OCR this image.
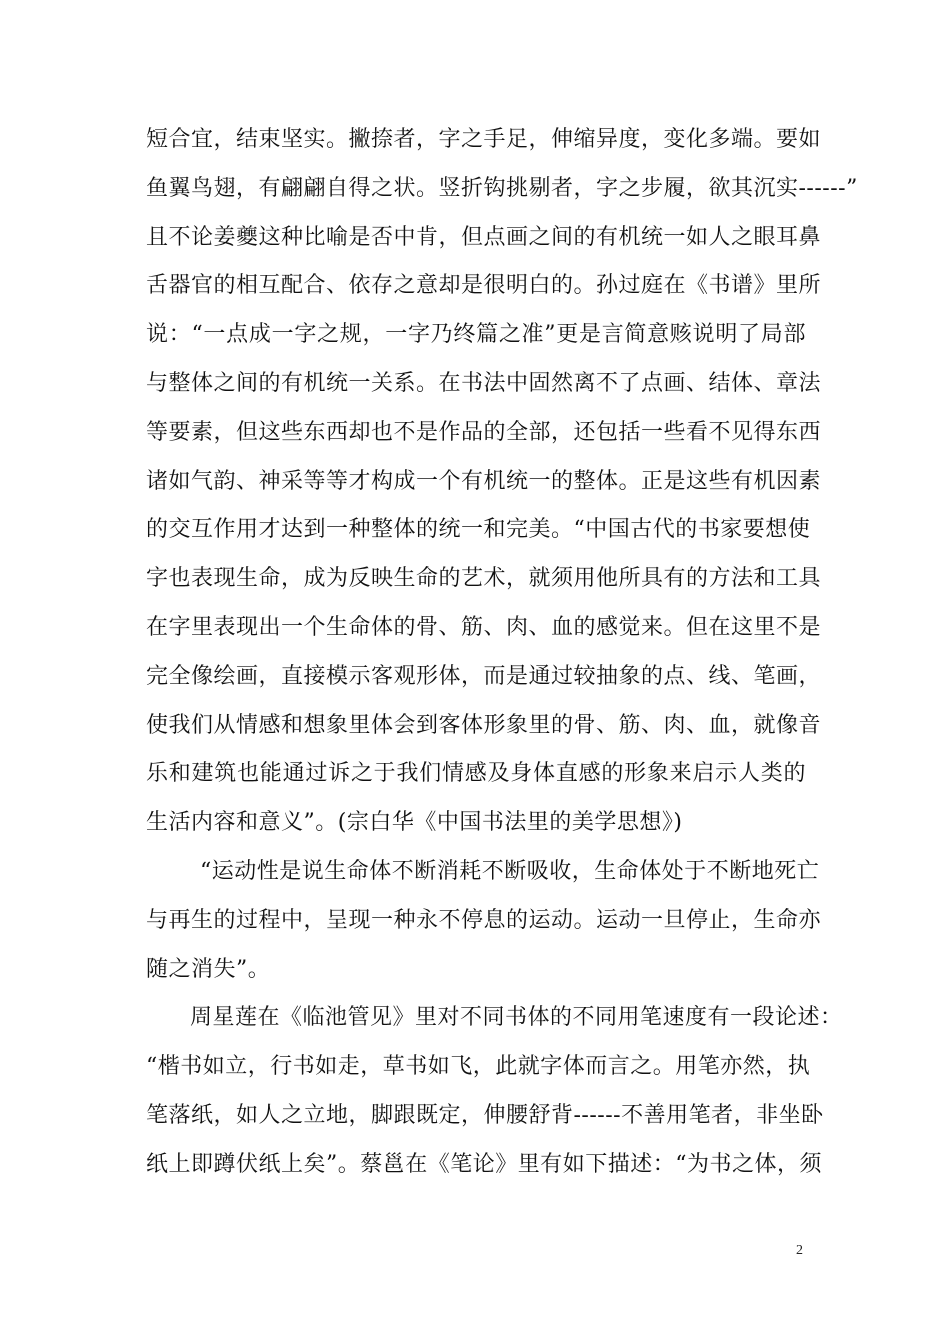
短合宜，结束坚实。撇捺者，字之手足，伸缩异度，变化多端。要如
鱼翼鸟翅，有翩翩自得之状。竖折钩挑剔者，字之步履，欲其沉实------”
且不论姜夔这种比喻是否中肯，但点画之间的有机统一如人之眼耳鼻
舌器官的相互配合、依存之意却是很明白的。孙过庭在《书谱》里所
说：“一点成一字之规，一字乃终篇之准”更是言简意赅说明了局部
与整体之间的有机统一关系。在书法中固然离不了点画、结体、章法
等要素，但这些东西却也不是作品的全部，还包括一些看不见得东西
诸如气韵、神采等等才构成一个有机统一的整体。正是这些有机因素
的交互作用才达到一种整体的统一和完美。“中国古代的书家要想使
字也表现生命，成为反映生命的艺术，就须用他所具有的方法和工具
在字里表现出一个生命体的骨、筋、肉、血的感觉来。但在这里不是
完全像绘画，直接模示客观形体，而是通过较抽象的点、线、笔画，
使我们从情感和想象里体会到客体形象里的骨、筋、肉、血，就像音
乐和建筑也能通过诉之于我们情感及身体直感的形象来启示人类的
生活内容和意义”。(宗白华《中国书法里的美学思想》)
“运动性是说生命体不断消耗不断吸收，生命体处于不断地死亡
与再生的过程中，呈现一种永不停息的运动。运动一旦停止，生命亦
随之消失”。
周星莲在《临池管见》里对不同书体的不同用笔速度有一段论述：
“楷书如立，行书如走，草书如飞，此就字体而言之。用笔亦然，执
笔落纸，如人之立地，脚跟既定，伸腰舒背------不善用笔者，非坐卧
纸上即蹲伏纸上矣”。蔡邕在《笔论》里有如下描述：“为书之体，须
2
